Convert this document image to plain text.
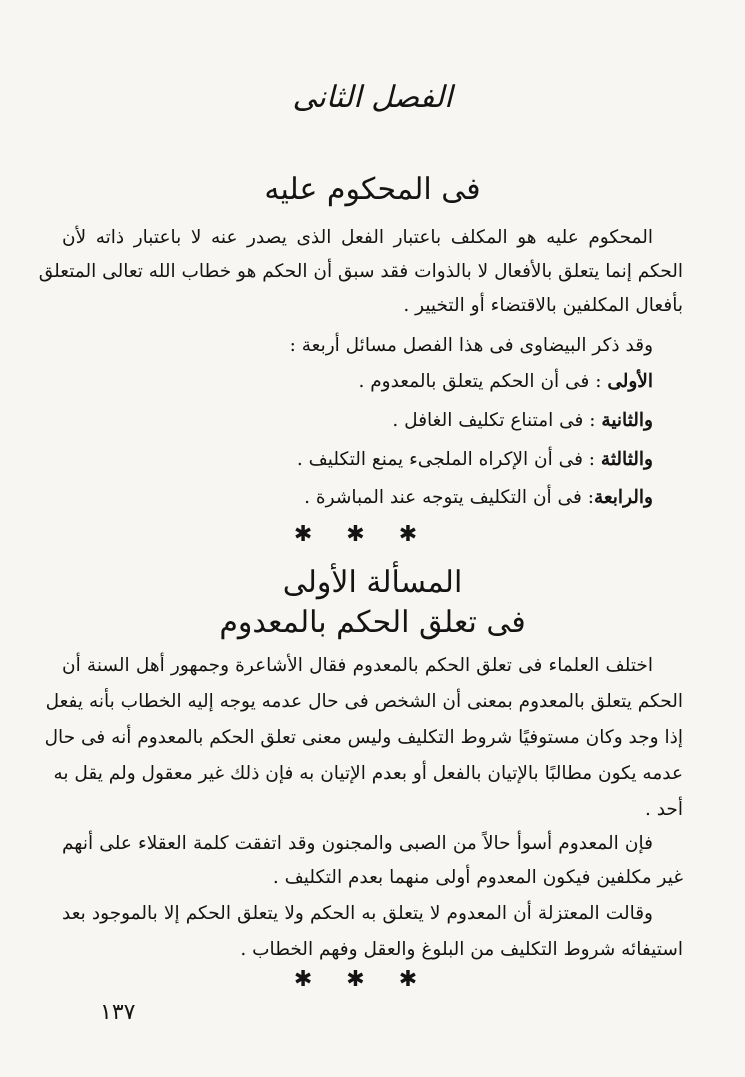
الفصل الثانى
فى المحكوم عليه
المحكوم عليه هو المكلف باعتبار الفعل الذى يصدر عنه لا باعتبار ذاته لأن
الحكم إنما يتعلق بالأفعال لا بالذوات فقد سبق أن الحكم هو خطاب الله تعالى المتعلق
بأفعال المكلفين بالاقتضاء أو التخيير .
وقد ذكر البيضاوى فى هذا الفصل مسائل أربعة :
الأولى : فى أن الحكم يتعلق بالمعدوم .
والثانية : فى امتناع تكليف الغافل .
والثالثة : فى أن الإكراه الملجىء يمنع التكليف .
والرابعة: فى أن التكليف يتوجه عند المباشرة .
✱✱✱
المسألة الأولى
فى تعلق الحكم بالمعدوم
اختلف العلماء فى تعلق الحكم بالمعدوم فقال الأشاعرة وجمهور أهل السنة أن
الحكم يتعلق بالمعدوم بمعنى أن الشخص فى حال عدمه يوجه إليه الخطاب بأنه يفعل
إذا وجد وكان مستوفيًا شروط التكليف وليس معنى تعلق الحكم بالمعدوم أنه فى حال
عدمه يكون مطالبًا بالإتيان بالفعل أو بعدم الإتيان به فإن ذلك غير معقول ولم يقل به
أحد .
فإن المعدوم أسوأ حالاً من الصبى والمجنون وقد اتفقت كلمة العقلاء على أنهم
غير مكلفين فيكون المعدوم أولى منهما بعدم التكليف .
وقالت المعتزلة أن المعدوم لا يتعلق به الحكم ولا يتعلق الحكم إلا بالموجود بعد
استيفائه شروط التكليف من البلوغ والعقل وفهم الخطاب .
✱✱✱
١٣٧
